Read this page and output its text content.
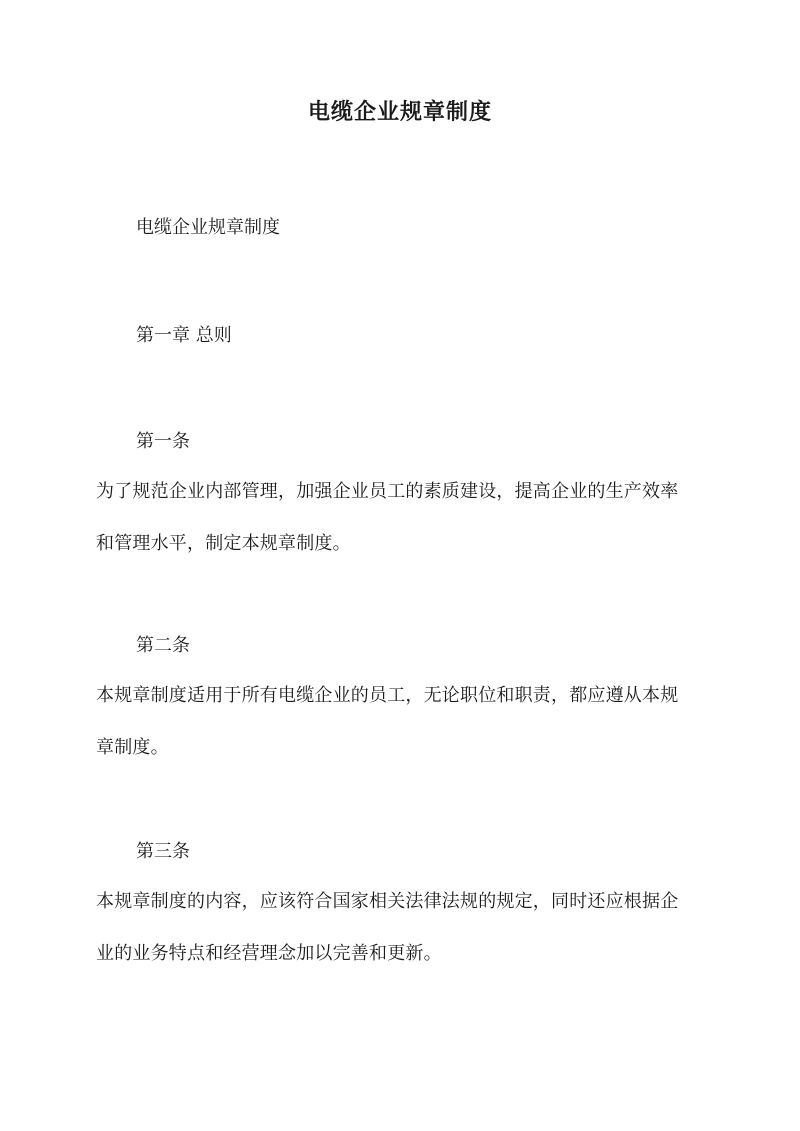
电缆企业规章制度
电缆企业规章制度
第一章 总则
第一条
为了规范企业内部管理，加强企业员工的素质建设，提高企业的生产效率
和管理水平，制定本规章制度。
第二条
本规章制度适用于所有电缆企业的员工，无论职位和职责，都应遵从本规
章制度。
第三条
本规章制度的内容，应该符合国家相关法律法规的规定，同时还应根据企
业的业务特点和经营理念加以完善和更新。
